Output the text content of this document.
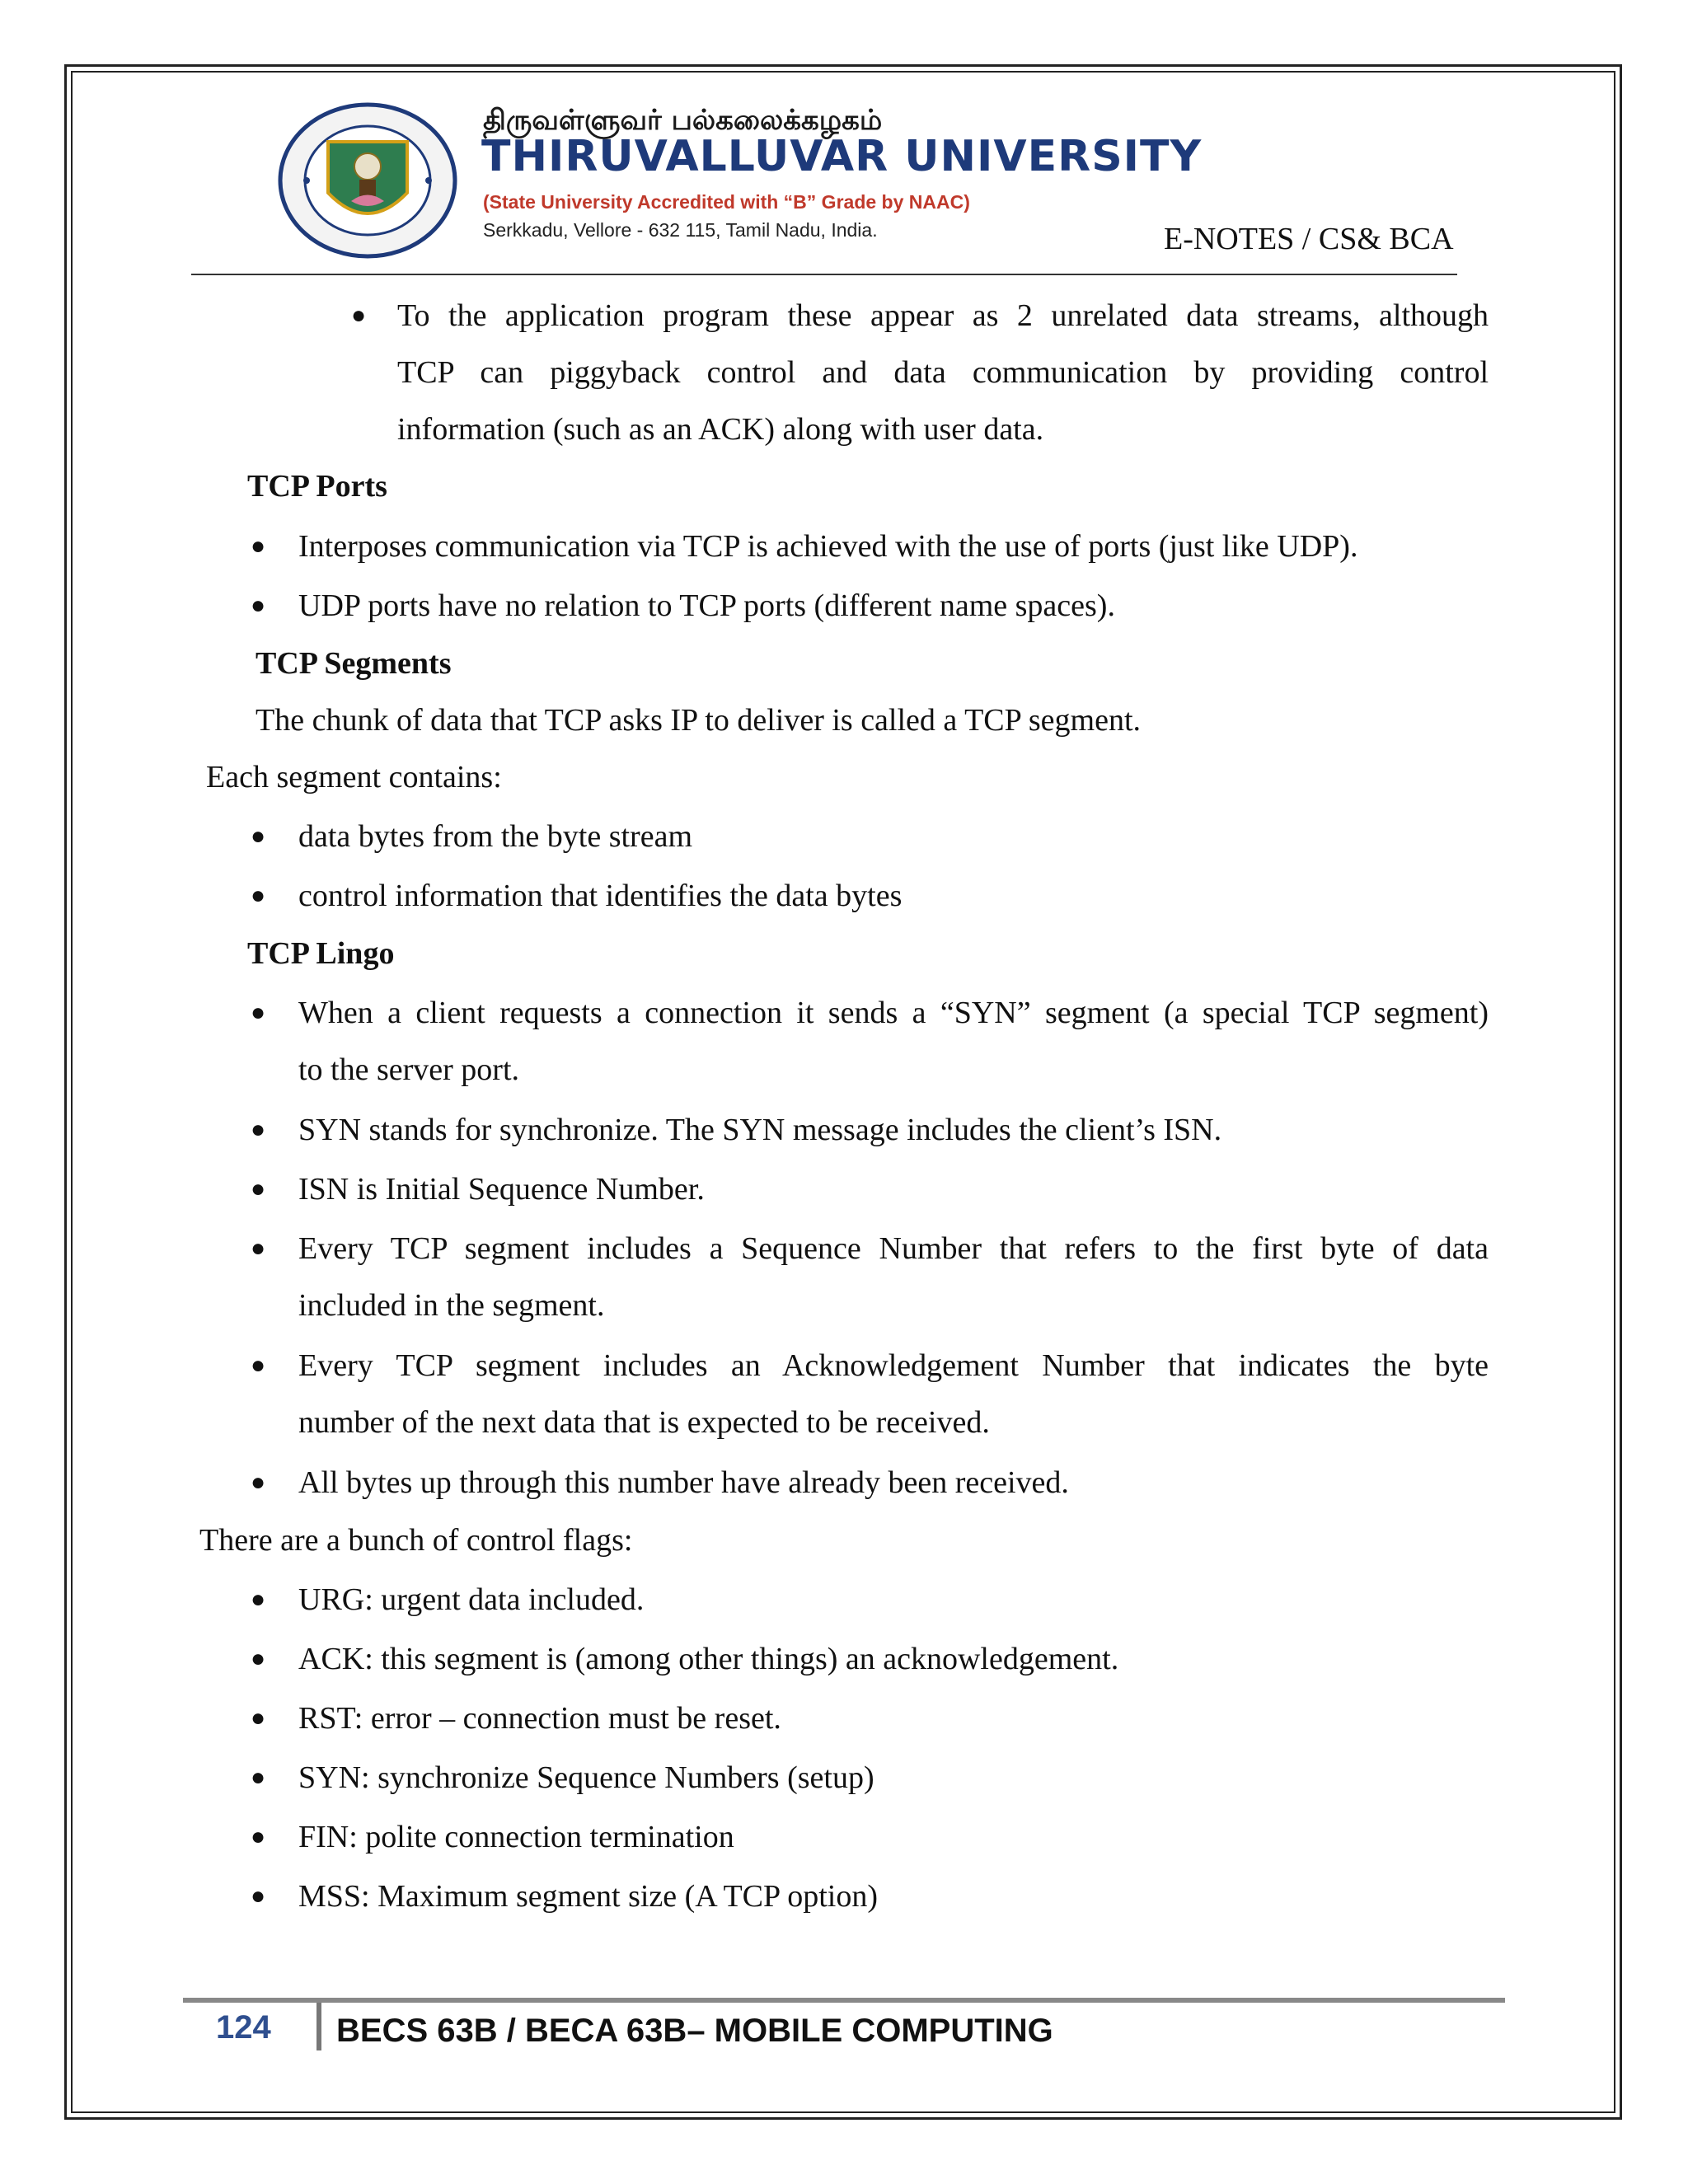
திருவள்ளுவர் பல்கலைக்கழகம்
THIRUVALLUVAR UNIVERSITY
(State University Accredited with “B” Grade by NAAC)
Serkkadu, Vellore - 632 115, Tamil Nadu, India.	E-NOTES / CS& BCA
● To the application program these appear as 2 unrelated data streams, although
TCP can piggyback control and data communication by providing control
information (such as an ACK) along with user data.
TCP Ports
● Interposes communication via TCP is achieved with the use of ports (just like UDP).
● UDP ports have no relation to TCP ports (different name spaces).
TCP Segments
The chunk of data that TCP asks IP to deliver is called a TCP segment.
Each segment contains:
● data bytes from the byte stream
● control information that identifies the data bytes
TCP Lingo
● When a client requests a connection it sends a “SYN” segment (a special TCP segment)
to the server port.
● SYN stands for synchronize. The SYN message includes the client’s ISN.
● ISN is Initial Sequence Number.
● Every TCP segment includes a Sequence Number that refers to the first byte of data
included in the segment.
● Every TCP segment includes an Acknowledgement Number that indicates the byte
number of the next data that is expected to be received.
● All bytes up through this number have already been received.
There are a bunch of control flags:
● URG: urgent data included.
● ACK: this segment is (among other things) an acknowledgement.
● RST: error – connection must be reset.
● SYN: synchronize Sequence Numbers (setup)
● FIN: polite connection termination
● MSS: Maximum segment size (A TCP option)
124 BECS 63B / BECA 63B– MOBILE COMPUTING
